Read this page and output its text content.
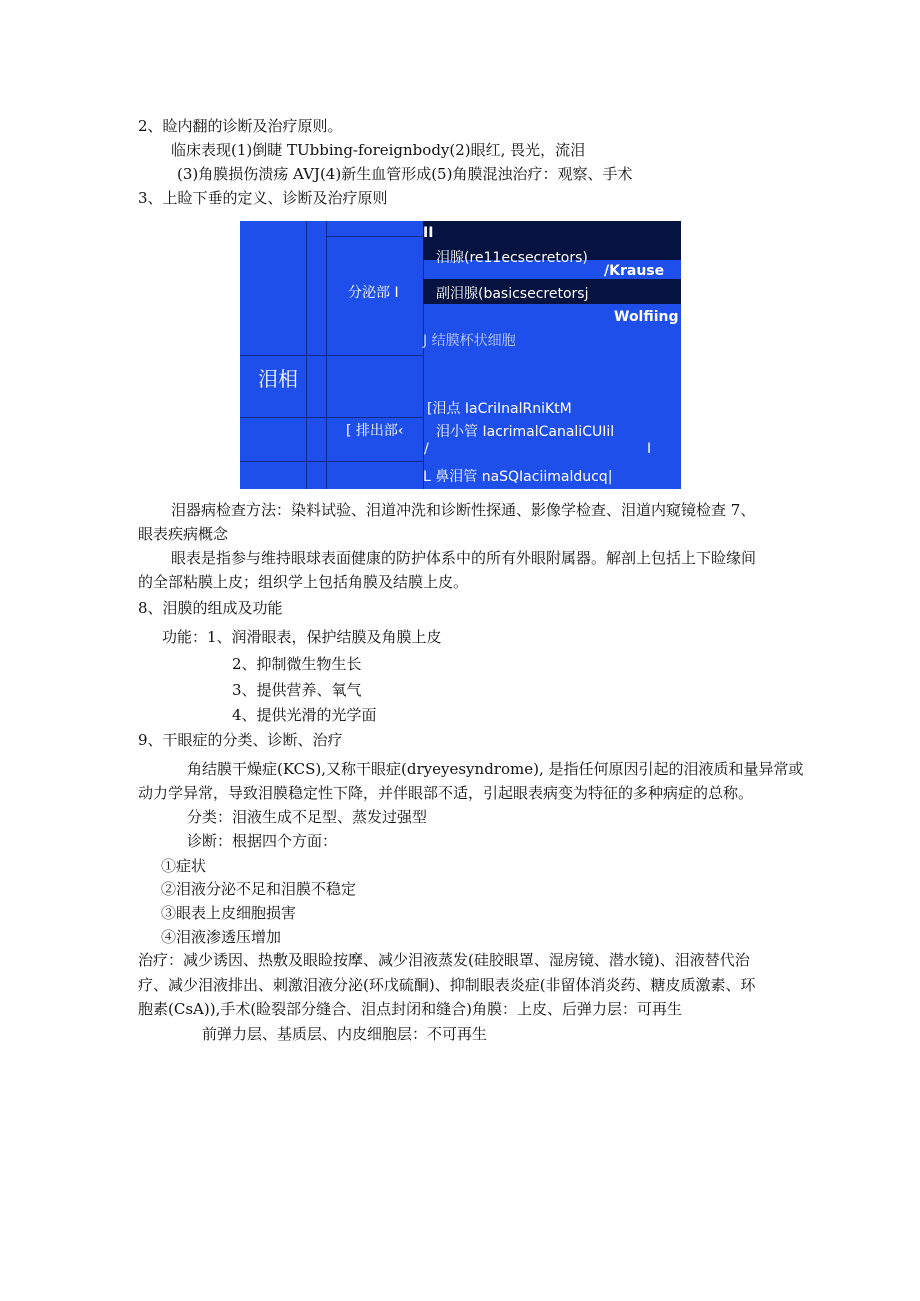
2、睑内翻的诊断及治疗原则。
临床表现(1)倒睫 TUbbing-foreignbody(2)眼红, 畏光，流泪
(3)角膜损伤溃疡 AVJ(4)新生血管形成(5)角膜混浊治疗：观察、手术
3、上睑下垂的定义、诊断及治疗原则
II
泪腺(re11ecsecretors)
/Krause
分泌部 I	副泪腺(basicsecretorsj
Wolfiing
J 结膜杯状细胞
泪相
[泪点 IaCriInalRniKtM
[ 排出部‹ 泪小管 IacrimalCanaliCUIil
/	I
L 鼻泪管 naSQIaciimalducq|
泪器病检查方法：染料试验、泪道冲洗和诊断性探通、影像学检查、泪道内窥镜检查 7、
眼表疾病概念
眼表是指参与维持眼球表面健康的防护体系中的所有外眼附属器。解剖上包括上下睑缘间
的全部粘膜上皮；组织学上包括角膜及结膜上皮。
8、泪膜的组成及功能
功能：1、润滑眼表，保护结膜及角膜上皮
2、抑制微生物生长
3、提供营养、氧气
4、提供光滑的光学面
9、干眼症的分类、诊断、治疗
角结膜干燥症(KCS),又称干眼症(dryeyesyndrome), 是指任何原因引起的泪液质和量异常或
动力学异常，导致泪膜稳定性下降，并伴眼部不适，引起眼表病变为特征的多种病症的总称。
分类：泪液生成不足型、蒸发过强型
诊断：根据四个方面：
①症状
②泪液分泌不足和泪膜不稳定
③眼表上皮细胞损害
④泪液渗透压增加
治疗：减少诱因、热敷及眼睑按摩、减少泪液蒸发(硅胶眼罩、湿房镜、潜水镜)、泪液替代治
疗、减少泪液排出、刺激泪液分泌(环戊硫酮)、抑制眼表炎症(非留体消炎药、糖皮质激素、环
胞素(CsA)),手术(睑裂部分缝合、泪点封闭和缝合)角膜：上皮、后弹力层：可再生
前弹力层、基质层、内皮细胞层：不可再生
